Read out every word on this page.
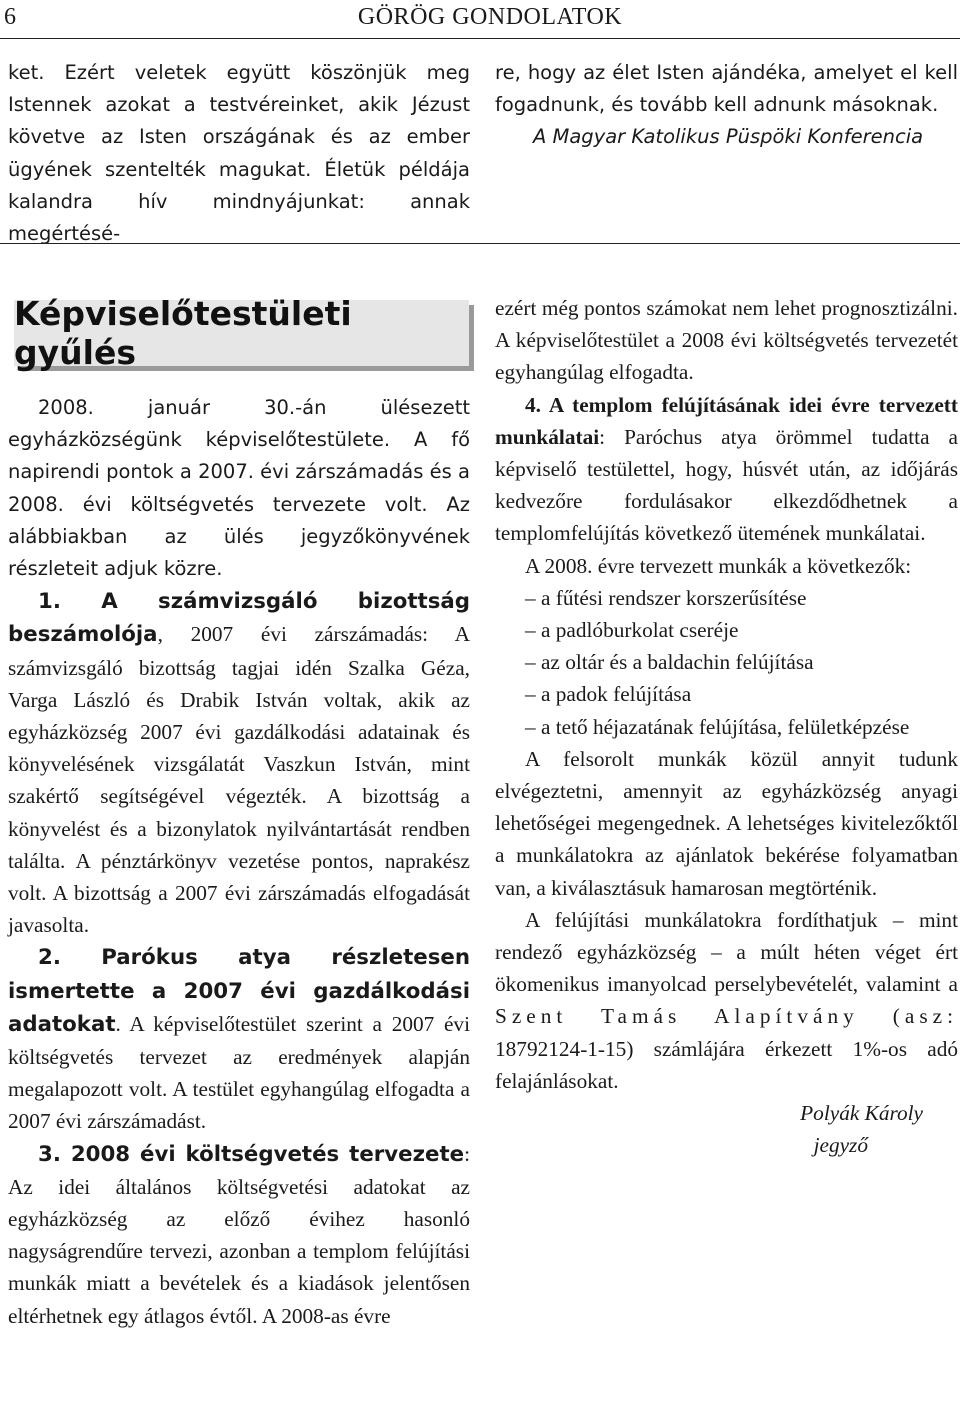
6	GÖRÖG GONDOLATOK

ket. Ezért veletek együtt köszönjük meg Istennek azokat a testvéreinket, akik Jézust követve az Isten országának és az ember ügyének szentelték magukat. Életük példája kalandra hív mindnyájunkat: annak megértésé-

re, hogy az élet Isten ajándéka, amelyet el kell fogadnunk, és tovább kell adnunk másoknak.

A Magyar Katolikus Püspöki Konferencia

Képviselőtestületi gyűlés

2008. január 30.-án ülésezett egyházközségünk képviselőtestülete. A fő napirendi pontok a 2007. évi zárszámadás és a 2008. évi költségvetés tervezete volt. Az alábbiakban az ülés jegyzőkönyvének részleteit adjuk közre.

1. A számvizsgáló bizottság beszámolója, 2007 évi zárszámadás: A számvizsgáló bizottság tagjai idén Szalka Géza, Varga László és Drabik István voltak, akik az egyházközség 2007 évi gazdálkodási adatainak és könyvelésének vizsgálatát Vaszkun István, mint szakértő segítségével végezték. A bizottság a könyvelést és a bizonylatok nyilvántartását rendben találta. A pénztárkönyv vezetése pontos, naprakész volt. A bizottság a 2007 évi zárszámadás elfogadását javasolta.

2. Parókus atya részletesen ismertette a 2007 évi gazdálkodási adatokat. A képviselőtestület szerint a 2007 évi költségvetés tervezet az eredmények alapján megalapozott volt. A testület egyhangúlag elfogadta a 2007 évi zárszámadást.

3. 2008 évi költségvetés tervezete: Az idei általános költségvetési adatokat az egyházközség az előző évihez hasonló nagyságrendűre tervezi, azonban a templom felújítási munkák miatt a bevételek és a kiadások jelentősen eltérhetnek egy átlagos évtől. A 2008-as évre

ezért még pontos számokat nem lehet prognosztizálni. A képviselőtestület a 2008 évi költségvetés tervezetét egyhangúlag elfogadta.

4. A templom felújításának idei évre tervezett munkálatai: Paróchus atya örömmel tudatta a képviselő testülettel, hogy, húsvét után, az időjárás kedvezőre fordulásakor elkezdődhetnek a templomfelújítás következő ütemének munkálatai.

A 2008. évre tervezett munkák a következők:

– a fűtési rendszer korszerűsítése

– a padlóburkolat cseréje

– az oltár és a baldachin felújítása

– a padok felújítása

– a tető héjazatának felújítása, felületképzése

A felsorolt munkák közül annyit tudunk elvégeztetni, amennyit az egyházközség anyagi lehetőségei megengednek. A lehetséges kivitelezőktől a munkálatokra az ajánlatok bekérése folyamatban van, a kiválasztásuk hamarosan megtörténik.

A felújítási munkálatokra fordíthatjuk – mint rendező egyházközség – a múlt héten véget ért ökomenikus imanyolcad perselybevételét, valamint a Szent Tamás Alapítvány (asz: 18792124-1-15) számlájára érkezett 1%-os adó felajánlásokat.

Polyák Károly

jegyző
